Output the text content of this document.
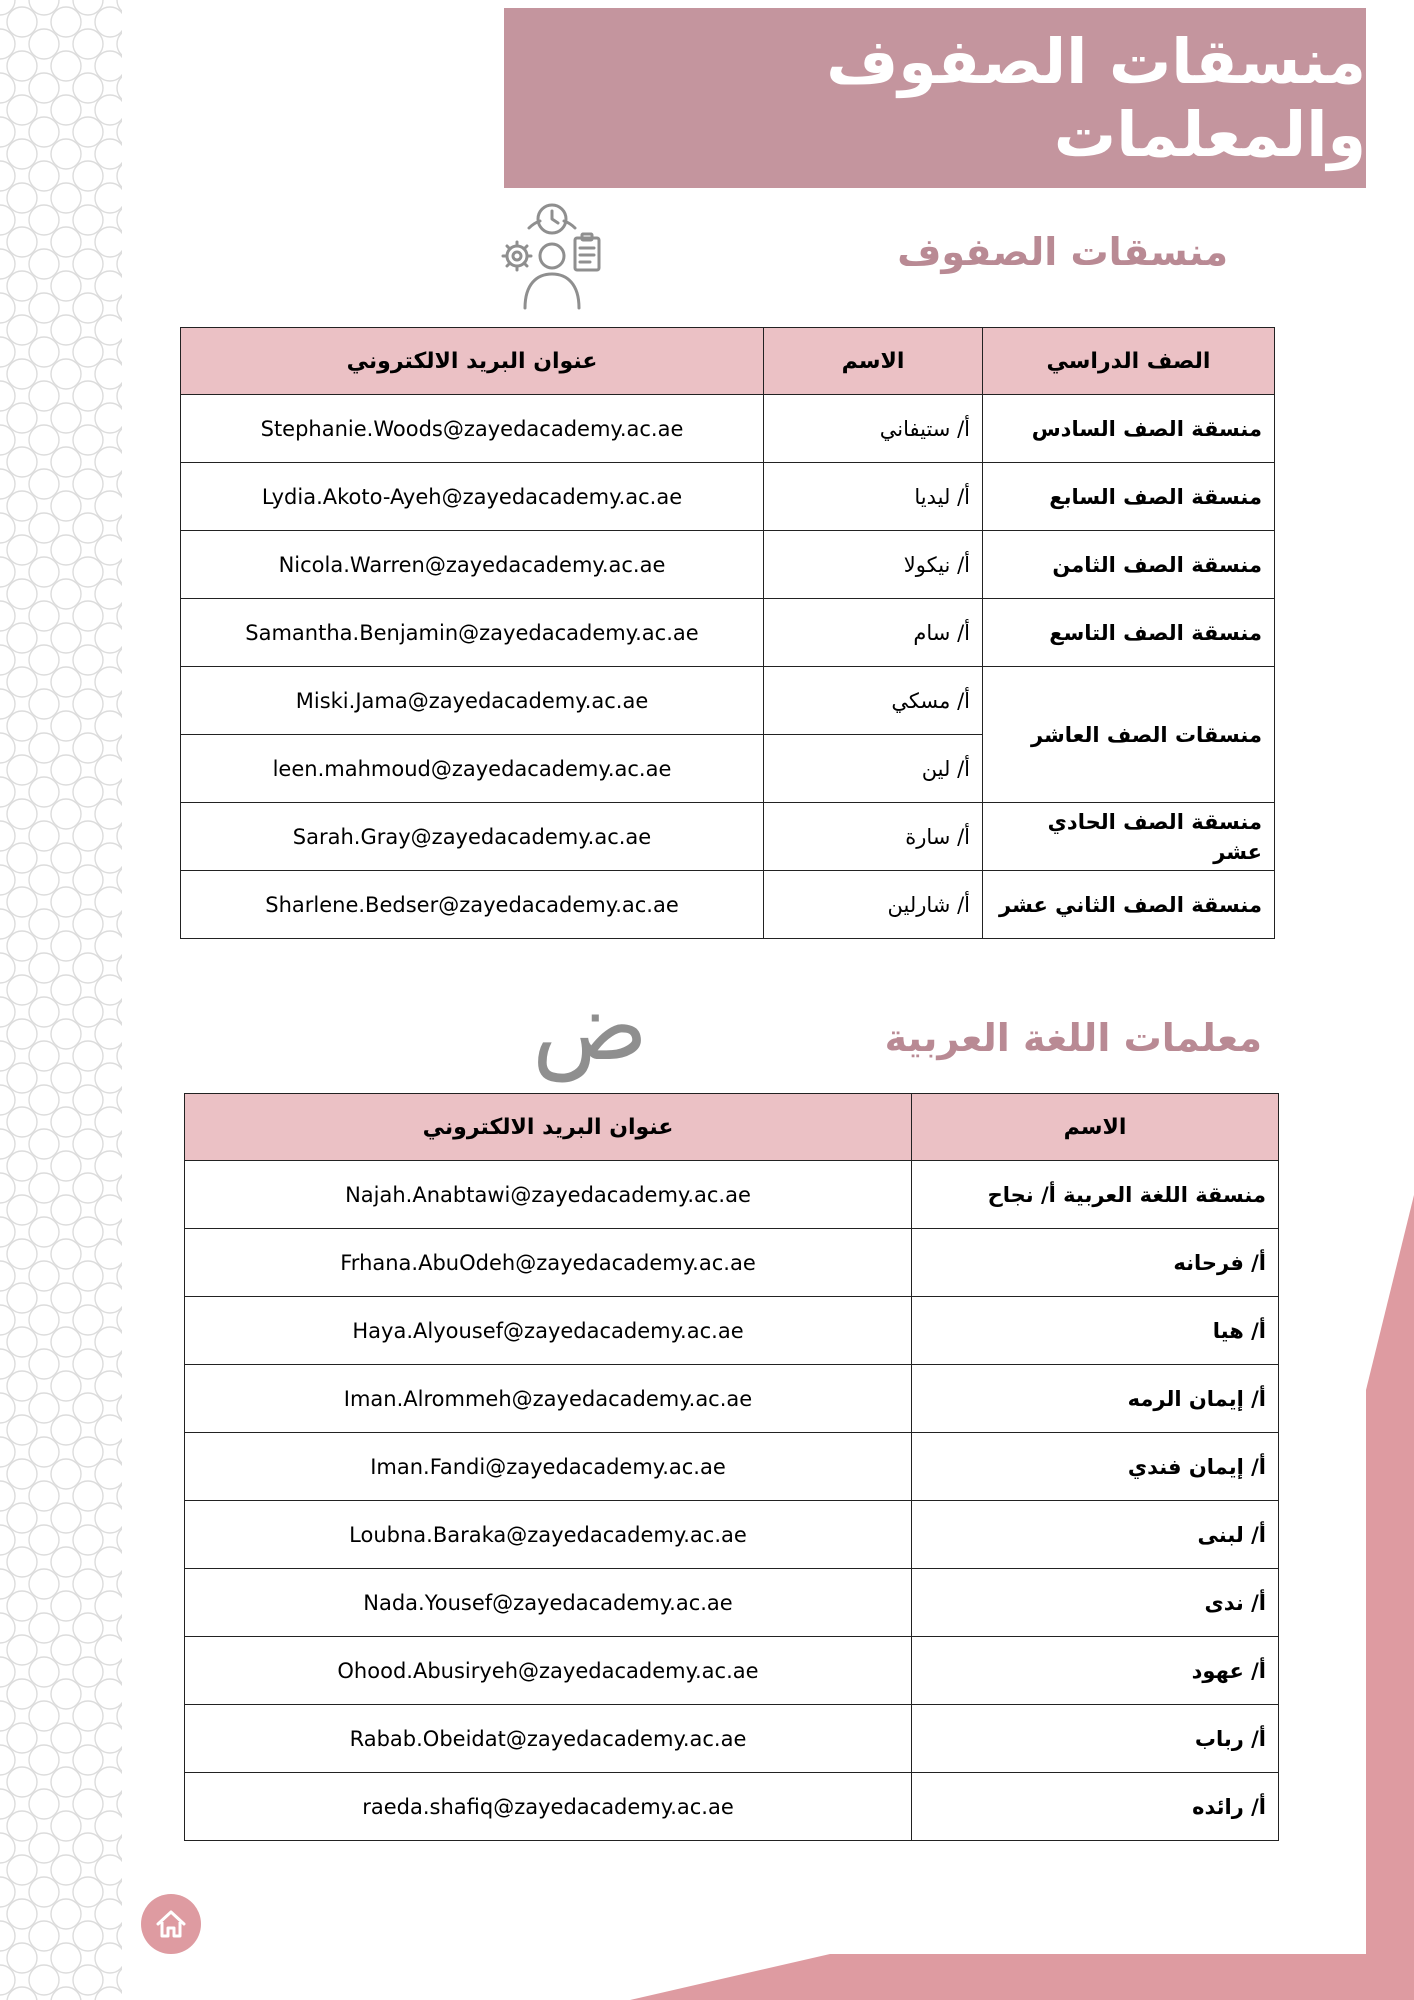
منسقات الصفوف والمعلمات
منسقات الصفوف
الصف الدراسي	الاسم	عنوان البريد الالكتروني
منسقة الصف السادس	أ/ ستيفاني	Stephanie.Woods@zayedacademy.ac.ae
منسقة الصف السابع	أ/ ليديا	Lydia.Akoto-Ayeh@zayedacademy.ac.ae
منسقة الصف الثامن	أ/ نيكولا	Nicola.Warren@zayedacademy.ac.ae
منسقة الصف التاسع	أ/ سام	Samantha.Benjamin@zayedacademy.ac.ae
منسقات الصف العاشر	أ/ مسكي	Miski.Jama@zayedacademy.ac.ae
	أ/ لين	leen.mahmoud@zayedacademy.ac.ae
منسقة الصف الحادي عشر	أ/ سارة	Sarah.Gray@zayedacademy.ac.ae
منسقة الصف الثاني عشر	أ/ شارلين	Sharlene.Bedser@zayedacademy.ac.ae
ض	معلمات اللغة العربية
الاسم	عنوان البريد الالكتروني
منسقة اللغة العربية أ/ نجاح	Najah.Anabtawi@zayedacademy.ac.ae
أ/ فرحانه	Frhana.AbuOdeh@zayedacademy.ac.ae
أ/ هيا	Haya.Alyousef@zayedacademy.ac.ae
أ/ إيمان الرمه	Iman.Alrommeh@zayedacademy.ac.ae
أ/ إيمان فندي	Iman.Fandi@zayedacademy.ac.ae
أ/ لبنى	Loubna.Baraka@zayedacademy.ac.ae
أ/ ندى	Nada.Yousef@zayedacademy.ac.ae
أ/ عهود	Ohood.Abusiryeh@zayedacademy.ac.ae
أ/ رباب	Rabab.Obeidat@zayedacademy.ac.ae
أ/ رائده	raeda.shafiq@zayedacademy.ac.ae
